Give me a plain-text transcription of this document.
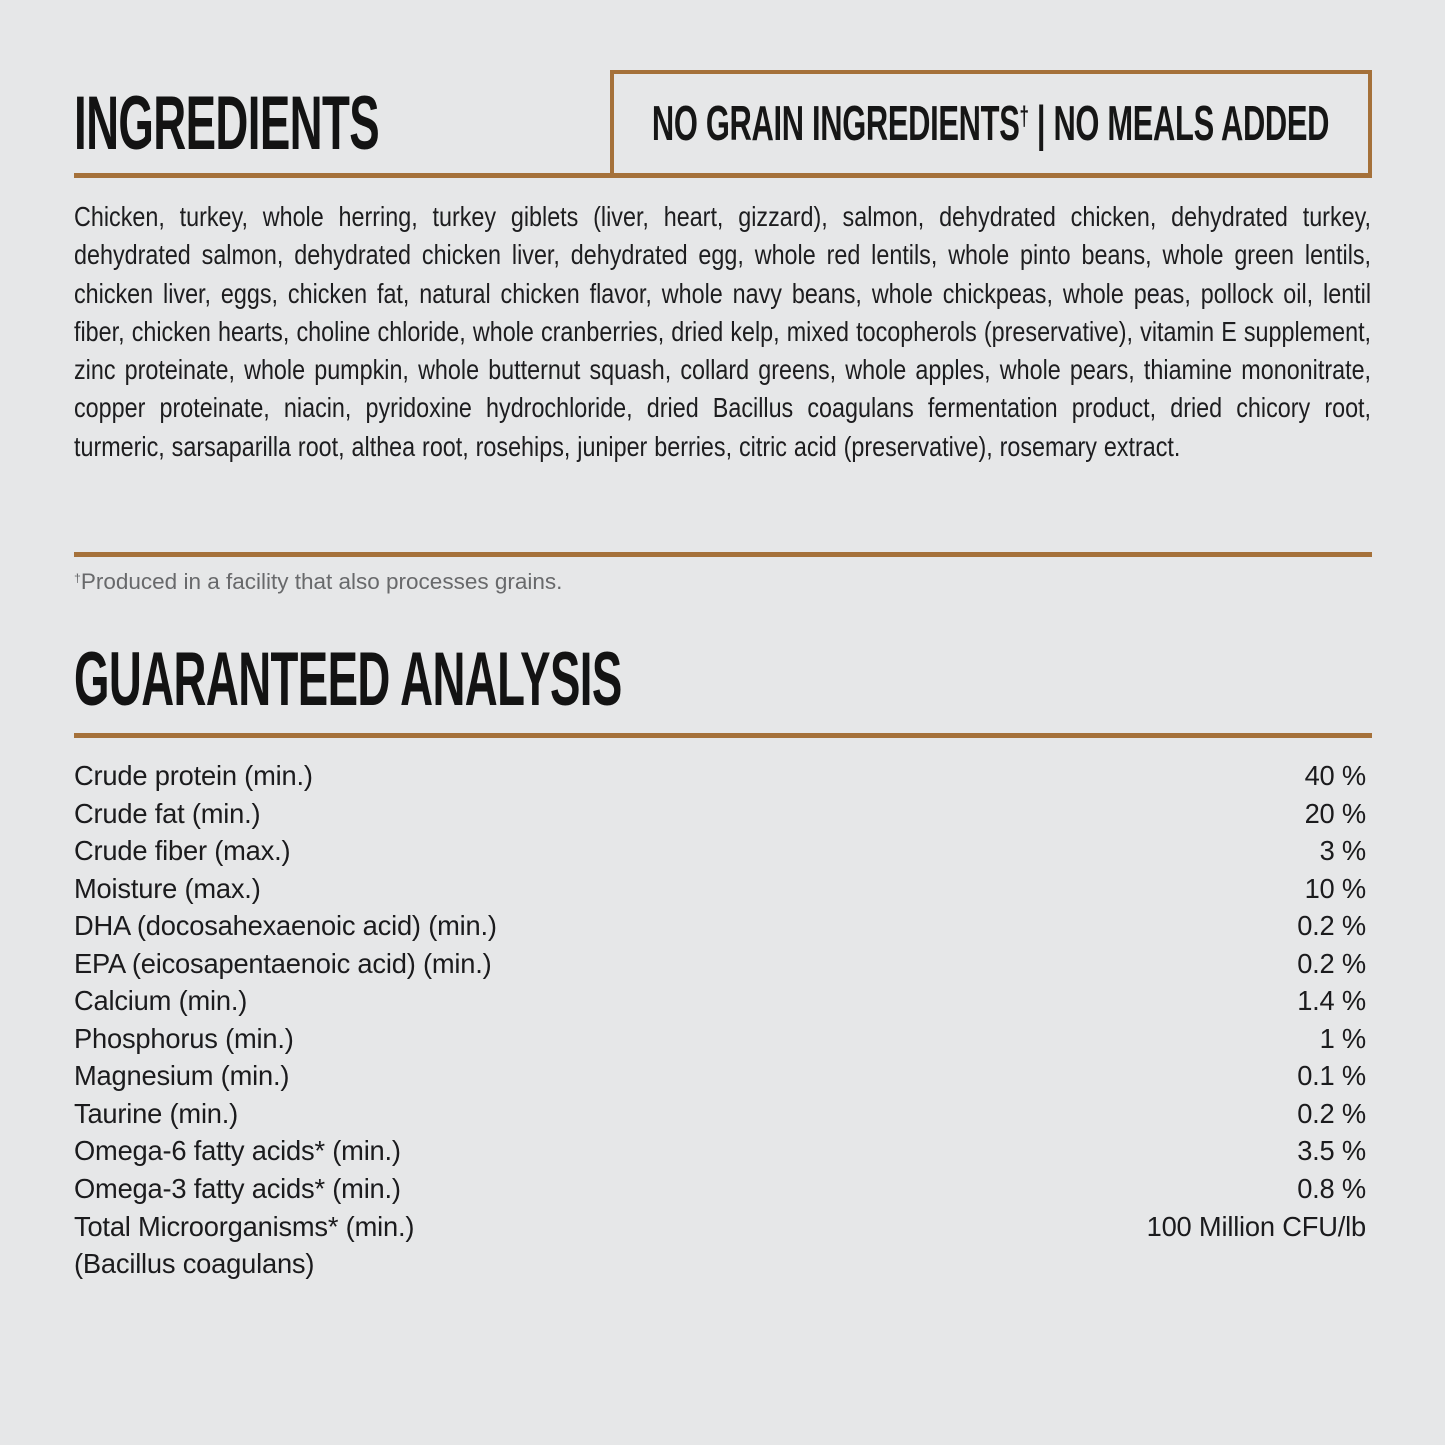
INGREDIENTS	NO GRAIN INGREDIENTS† | NO MEALS ADDED
Chicken, turkey, whole herring, turkey giblets (liver, heart, gizzard), salmon, dehydrated chicken, dehydrated turkey, dehydrated salmon, dehydrated chicken liver, dehydrated egg, whole red lentils, whole pinto beans, whole green lentils, chicken liver, eggs, chicken fat, natural chicken flavor, whole navy beans, whole chickpeas, whole peas, pollock oil, lentil fiber, chicken hearts, choline chloride, whole cranberries, dried kelp, mixed tocopherols (preservative), vitamin E supplement, zinc proteinate, whole pumpkin, whole butternut squash, collard greens, whole apples, whole pears, thiamine mononitrate, copper proteinate, niacin, pyridoxine hydrochloride, dried Bacillus coagulans fermentation product, dried chicory root, turmeric, sarsaparilla root, althea root, rosehips, juniper berries, citric acid (preservative), rosemary extract.
†Produced in a facility that also processes grains.
GUARANTEED ANALYSIS
Crude protein (min.)	40 %
Crude fat (min.)	20 %
Crude fiber (max.)	3 %
Moisture (max.)	10 %
DHA (docosahexaenoic acid) (min.)	0.2 %
EPA (eicosapentaenoic acid) (min.)	0.2 %
Calcium (min.)	1.4 %
Phosphorus (min.)	1 %
Magnesium (min.)	0.1 %
Taurine (min.)	0.2 %
Omega-6 fatty acids* (min.)	3.5 %
Omega-3 fatty acids* (min.)	0.8 %
Total Microorganisms* (min.)	100 Million CFU/lb
(Bacillus coagulans)
